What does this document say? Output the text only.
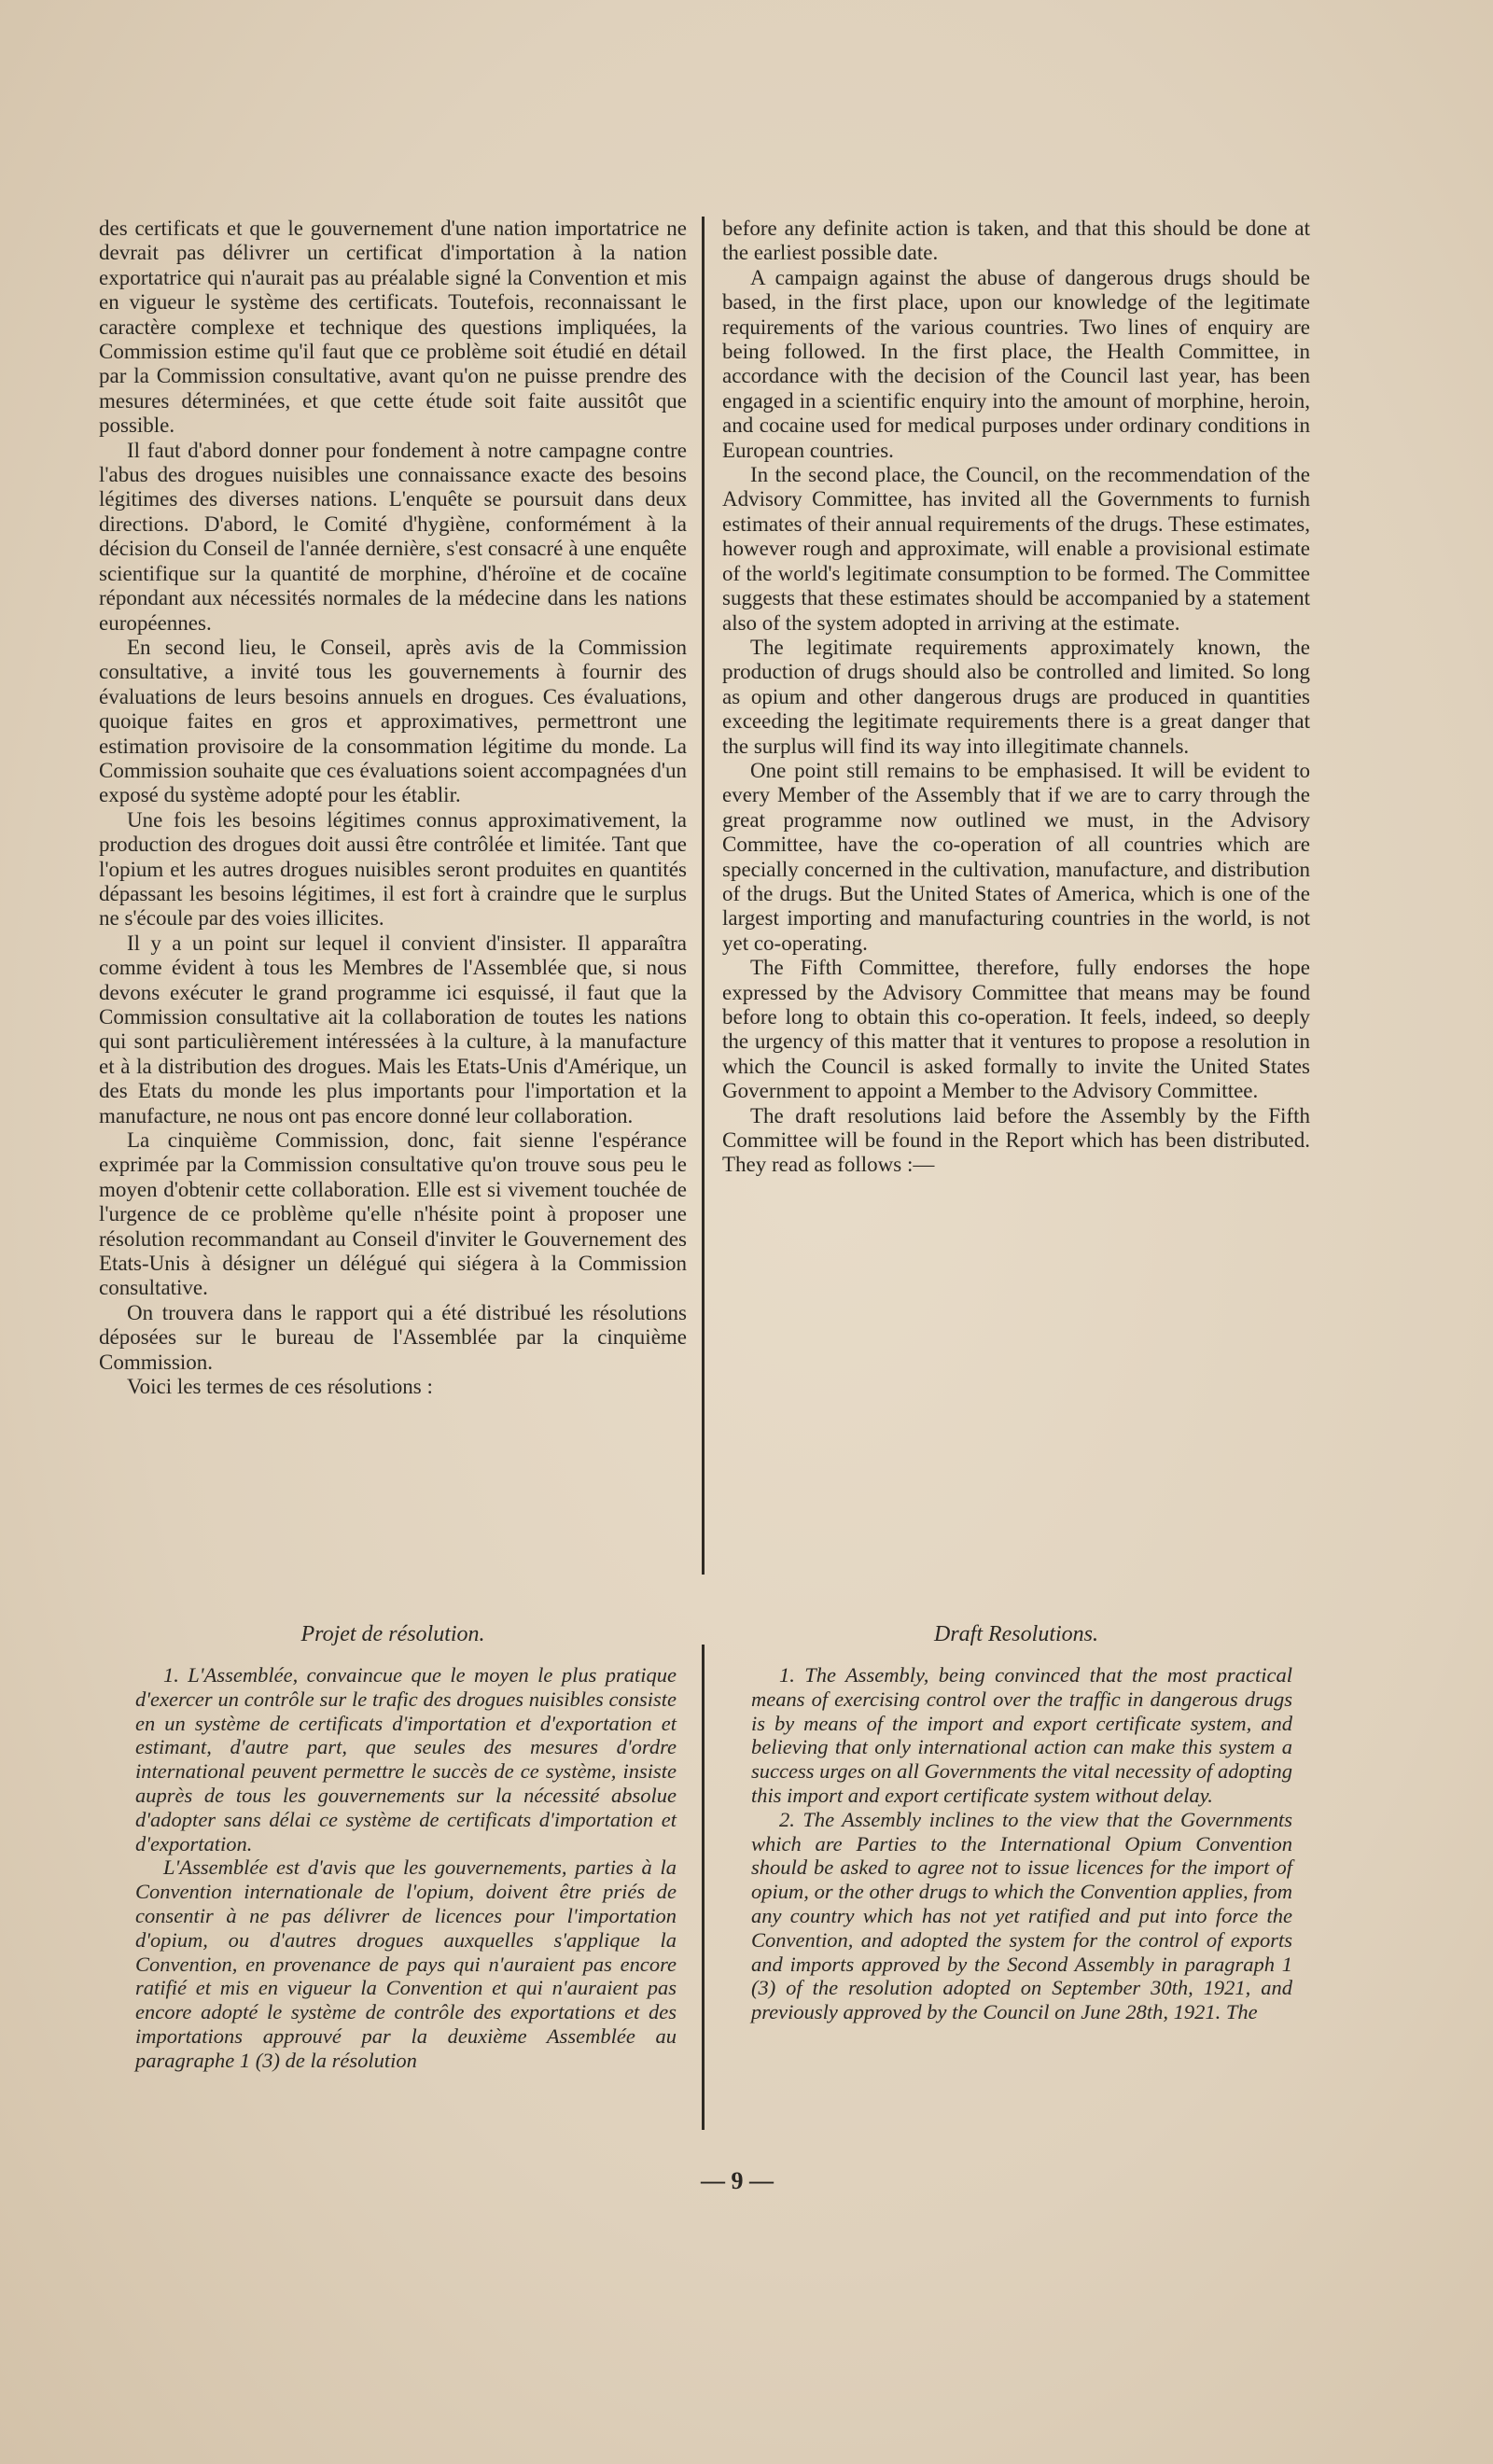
des certificats et que le gouvernement d'une nation importatrice ne devrait pas délivrer un certificat d'importation à la nation exportatrice qui n'aurait pas au préalable signé la Convention et mis en vigueur le système des certificats. Toutefois, reconnaissant le caractère complexe et technique des questions impliquées, la Commission estime qu'il faut que ce problème soit étudié en détail par la Commission consultative, avant qu'on ne puisse prendre des mesures déterminées, et que cette étude soit faite aussitôt que possible.

Il faut d'abord donner pour fondement à notre campagne contre l'abus des drogues nuisibles une connaissance exacte des besoins légitimes des diverses nations. L'enquête se poursuit dans deux directions. D'abord, le Comité d'hygiène, conformément à la décision du Conseil de l'année dernière, s'est consacré à une enquête scientifique sur la quantité de morphine, d'héroïne et de cocaïne répondant aux nécessités normales de la médecine dans les nations européennes.

En second lieu, le Conseil, après avis de la Commission consultative, a invité tous les gouvernements à fournir des évaluations de leurs besoins annuels en drogues. Ces évaluations, quoique faites en gros et approximatives, permettront une estimation provisoire de la consommation légitime du monde. La Commission souhaite que ces évaluations soient accompagnées d'un exposé du système adopté pour les établir.

Une fois les besoins légitimes connus approximativement, la production des drogues doit aussi être contrôlée et limitée. Tant que l'opium et les autres drogues nuisibles seront produites en quantités dépassant les besoins légitimes, il est fort à craindre que le surplus ne s'écoule par des voies illicites.

Il y a un point sur lequel il convient d'insister. Il apparaîtra comme évident à tous les Membres de l'Assemblée que, si nous devons exécuter le grand programme ici esquissé, il faut que la Commission consultative ait la collaboration de toutes les nations qui sont particulièrement intéressées à la culture, à la manufacture et à la distribution des drogues. Mais les Etats-Unis d'Amérique, un des Etats du monde les plus importants pour l'importation et la manufacture, ne nous ont pas encore donné leur collaboration.

La cinquième Commission, donc, fait sienne l'espérance exprimée par la Commission consultative qu'on trouve sous peu le moyen d'obtenir cette collaboration. Elle est si vivement touchée de l'urgence de ce problème qu'elle n'hésite point à proposer une résolution recommandant au Conseil d'inviter le Gouvernement des Etats-Unis à désigner un délégué qui siégera à la Commission consultative.

On trouvera dans le rapport qui a été distribué les résolutions déposées sur le bureau de l'Assemblée par la cinquième Commission.

Voici les termes de ces résolutions :

before any definite action is taken, and that this should be done at the earliest possible date.

A campaign against the abuse of dangerous drugs should be based, in the first place, upon our knowledge of the legitimate requirements of the various countries. Two lines of enquiry are being followed. In the first place, the Health Committee, in accordance with the decision of the Council last year, has been engaged in a scientific enquiry into the amount of morphine, heroin, and cocaine used for medical purposes under ordinary conditions in European countries.

In the second place, the Council, on the recommendation of the Advisory Committee, has invited all the Governments to furnish estimates of their annual requirements of the drugs. These estimates, however rough and approximate, will enable a provisional estimate of the world's legitimate consumption to be formed. The Committee suggests that these estimates should be accompanied by a statement also of the system adopted in arriving at the estimate.

The legitimate requirements approximately known, the production of drugs should also be controlled and limited. So long as opium and other dangerous drugs are produced in quantities exceeding the legitimate requirements there is a great danger that the surplus will find its way into illegitimate channels.

One point still remains to be emphasised. It will be evident to every Member of the Assembly that if we are to carry through the great programme now outlined we must, in the Advisory Committee, have the co-operation of all countries which are specially concerned in the cultivation, manufacture, and distribution of the drugs. But the United States of America, which is one of the largest importing and manufacturing countries in the world, is not yet co-operating.

The Fifth Committee, therefore, fully endorses the hope expressed by the Advisory Committee that means may be found before long to obtain this co-operation. It feels, indeed, so deeply the urgency of this matter that it ventures to propose a resolution in which the Council is asked formally to invite the United States Government to appoint a Member to the Advisory Committee.

The draft resolutions laid before the Assembly by the Fifth Committee will be found in the Report which has been distributed. They read as follows :—

Projet de résolution.	Draft Resolutions.

1. L'Assemblée, convaincue que le moyen le plus pratique d'exercer un contrôle sur le trafic des drogues nuisibles consiste en un système de certificats d'importation et d'exportation et estimant, d'autre part, que seules des mesures d'ordre international peuvent permettre le succès de ce système, insiste auprès de tous les gouvernements sur la nécessité absolue d'adopter sans délai ce système de certificats d'importation et d'exportation.

L'Assemblée est d'avis que les gouvernements, parties à la Convention internationale de l'opium, doivent être priés de consentir à ne pas délivrer de licences pour l'importation d'opium, ou d'autres drogues auxquelles s'applique la Convention, en provenance de pays qui n'auraient pas encore ratifié et mis en vigueur la Convention et qui n'auraient pas encore adopté le système de contrôle des exportations et des importations approuvé par la deuxième Assemblée au paragraphe 1 (3) de la résolution

1. The Assembly, being convinced that the most practical means of exercising control over the traffic in dangerous drugs is by means of the import and export certificate system, and believing that only international action can make this system a success urges on all Governments the vital necessity of adopting this import and export certificate system without delay.

2. The Assembly inclines to the view that the Governments which are Parties to the International Opium Convention should be asked to agree not to issue licences for the import of opium, or the other drugs to which the Convention applies, from any country which has not yet ratified and put into force the Convention, and adopted the system for the control of exports and imports approved by the Second Assembly in paragraph 1 (3) of the resolution adopted on September 30th, 1921, and previously approved by the Council on June 28th, 1921. The

— 9 —
